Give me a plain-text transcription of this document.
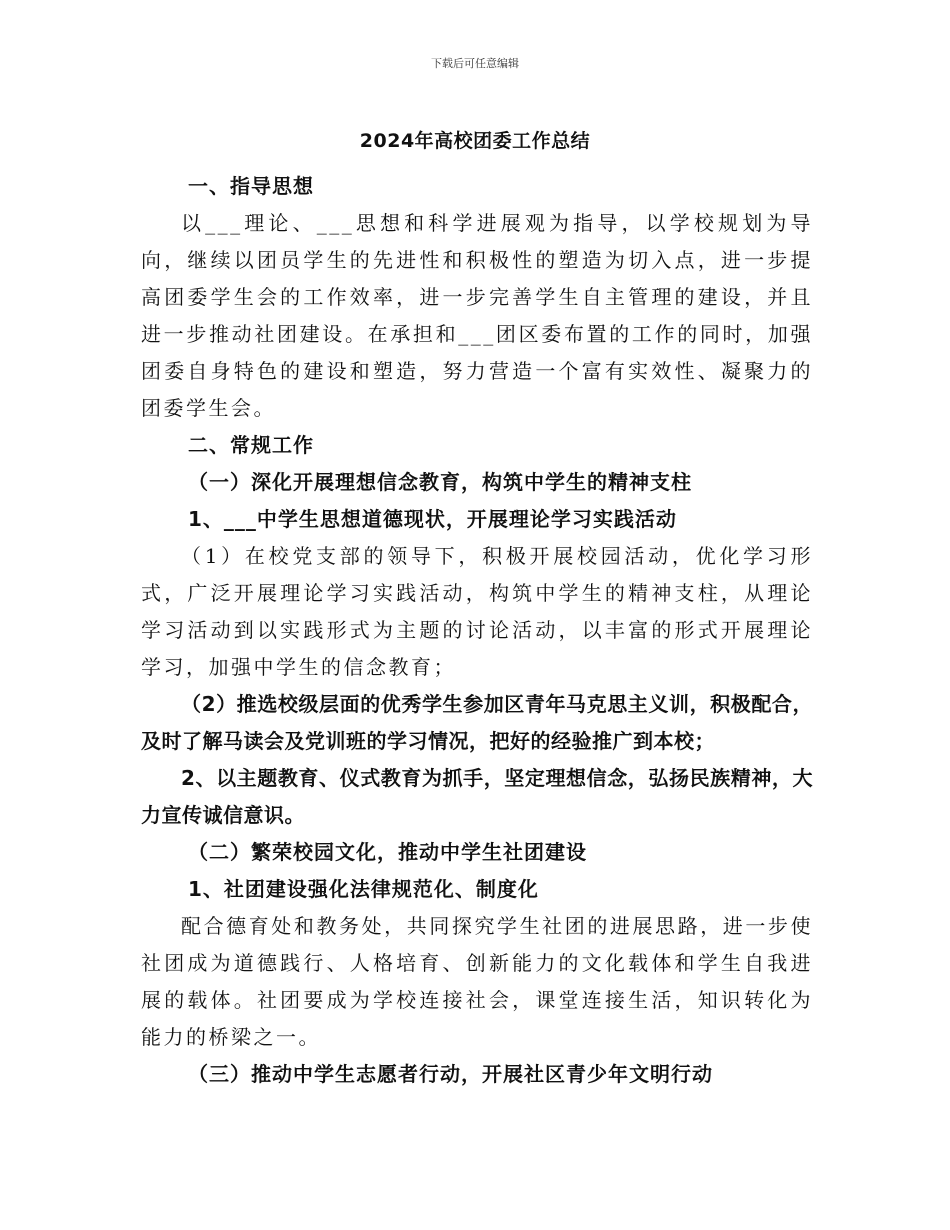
下载后可任意编辑
2024年高校团委工作总结

一、指导思想

以___理论、___思想和科学进展观为指导，以学校规划为导向，继续以团员学生的先进性和积极性的塑造为切入点，进一步提高团委学生会的工作效率，进一步完善学生自主管理的建设，并且进一步推动社团建设。在承担和___团区委布置的工作的同时，加强团委自身特色的建设和塑造，努力营造一个富有实效性、凝聚力的团委学生会。

二、常规工作

（一）深化开展理想信念教育，构筑中学生的精神支柱

1、___中学生思想道德现状，开展理论学习实践活动

（1）在校党支部的领导下，积极开展校园活动，优化学习形式，广泛开展理论学习实践活动，构筑中学生的精神支柱，从理论学习活动到以实践形式为主题的讨论活动，以丰富的形式开展理论学习，加强中学生的信念教育；

（2）推选校级层面的优秀学生参加区青年马克思主义训，积极配合，及时了解马读会及党训班的学习情况，把好的经验推广到本校；

2、以主题教育、仪式教育为抓手，坚定理想信念，弘扬民族精神，大力宣传诚信意识。

（二）繁荣校园文化，推动中学生社团建设

1、社团建设强化法律规范化、制度化

配合德育处和教务处，共同探究学生社团的进展思路，进一步使社团成为道德践行、人格培育、创新能力的文化载体和学生自我进展的载体。社团要成为学校连接社会，课堂连接生活，知识转化为能力的桥梁之一。

（三）推动中学生志愿者行动，开展社区青少年文明行动
